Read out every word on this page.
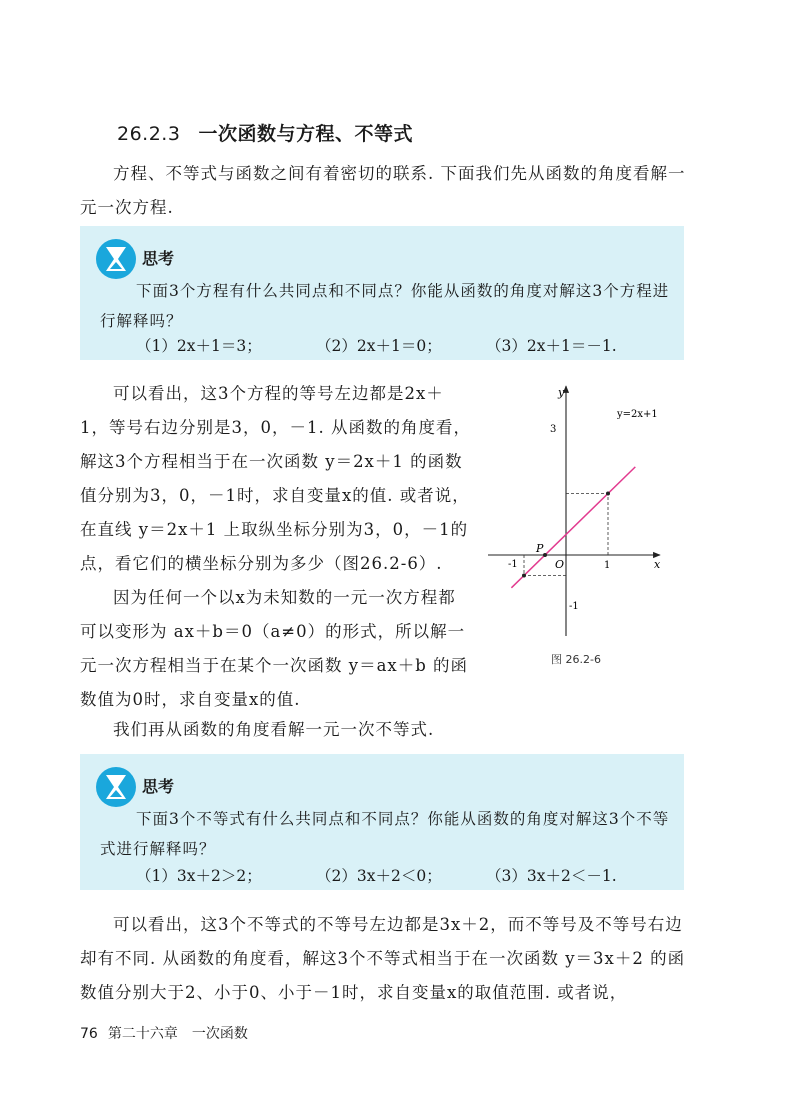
26.2.3 一次函数与方程、不等式
方程、不等式与函数之间有着密切的联系. 下面我们先从函数的角度看解一元一次方程.
思考
下面3个方程有什么共同点和不同点？你能从函数的角度对解这3个方程进行解释吗？
（1）2x＋1＝3；	（2）2x＋1＝0；	（3）2x＋1＝－1.

可以看出，这3个方程的等号左边都是2x＋1，等号右边分别是3，0，－1. 从函数的角度看，解这3个方程相当于在一次函数 y＝2x＋1 的函数值分别为3，0，－1时，求自变量x的值. 或者说，在直线 y＝2x＋1 上取纵坐标分别为3，0，－1的点，看它们的横坐标分别为多少（图26.2-6）.

因为任何一个以x为未知数的一元一次方程都可以变形为 ax＋b＝0（a≠0）的形式，所以解一元一次方程相当于在某个一次函数 y＝ax＋b 的函数值为0时，求自变量x的值.

y
x
O
y=2x+1
P
3
1
-1
-1
图 26.2-6
我们再从函数的角度看解一元一次不等式.
思考
下面3个不等式有什么共同点和不同点？你能从函数的角度对解这3个不等式进行解释吗？
（1）3x＋2＞2；	（2）3x＋2＜0；	（3）3x＋2＜－1.
可以看出，这3个不等式的不等号左边都是3x＋2，而不等号及不等号右边却有不同. 从函数的角度看，解这3个不等式相当于在一次函数 y＝3x＋2 的函数值分别大于2、小于0、小于－1时，求自变量x的取值范围. 或者说，
76 第二十六章 一次函数
